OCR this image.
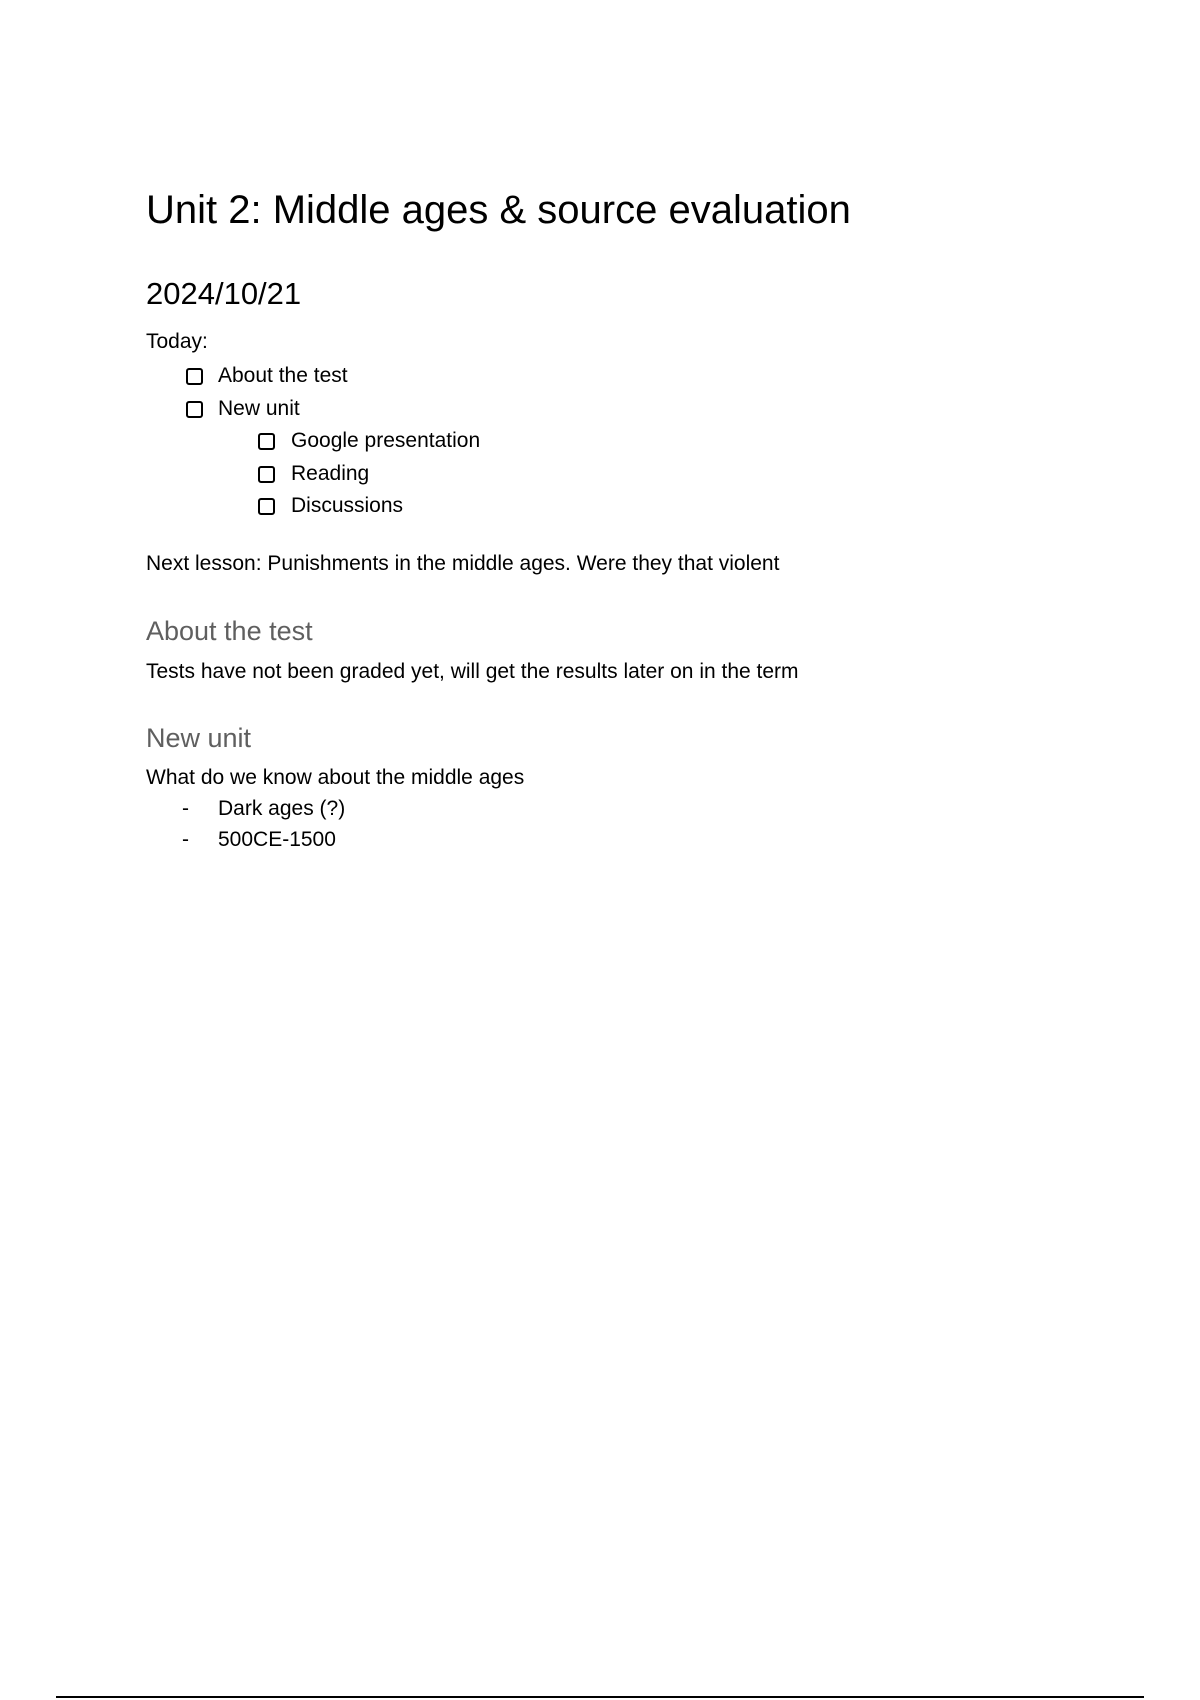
Unit 2: Middle ages & source evaluation
2024/10/21

Today:

About the test
New unit
Google presentation
Reading
Discussions

Next lesson: Punishments in the middle ages. Were they that violent

About the test

Tests have not been graded yet, will get the results later on in the term

New unit

What do we know about the middle ages

- Dark ages (?)
- 500CE-1500
